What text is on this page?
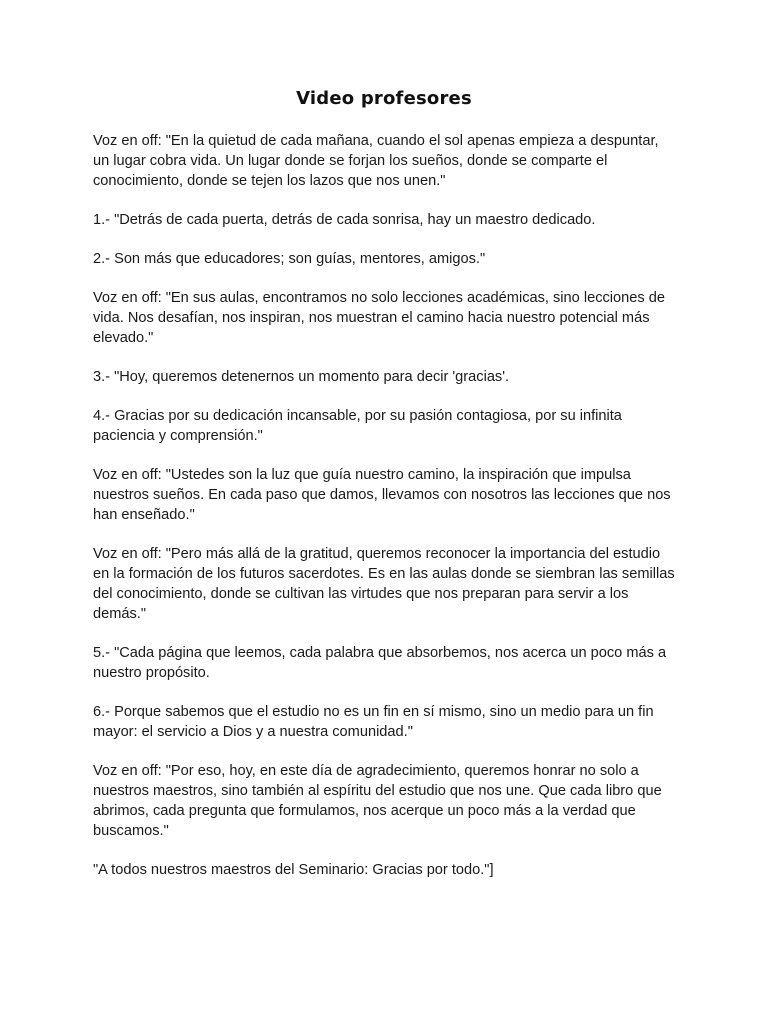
Video profesores

Voz en off: "En la quietud de cada mañana, cuando el sol apenas empieza a despuntar, un lugar cobra vida. Un lugar donde se forjan los sueños, donde se comparte el conocimiento, donde se tejen los lazos que nos unen."

1.- "Detrás de cada puerta, detrás de cada sonrisa, hay un maestro dedicado.

2.- Son más que educadores; son guías, mentores, amigos."

Voz en off: "En sus aulas, encontramos no solo lecciones académicas, sino lecciones de vida. Nos desafían, nos inspiran, nos muestran el camino hacia nuestro potencial más elevado."

3.- "Hoy, queremos detenernos un momento para decir 'gracias'.

4.- Gracias por su dedicación incansable, por su pasión contagiosa, por su infinita paciencia y comprensión."

Voz en off: "Ustedes son la luz que guía nuestro camino, la inspiración que impulsa nuestros sueños. En cada paso que damos, llevamos con nosotros las lecciones que nos han enseñado."

Voz en off: "Pero más allá de la gratitud, queremos reconocer la importancia del estudio en la formación de los futuros sacerdotes. Es en las aulas donde se siembran las semillas del conocimiento, donde se cultivan las virtudes que nos preparan para servir a los demás."

5.- "Cada página que leemos, cada palabra que absorbemos, nos acerca un poco más a nuestro propósito.

6.- Porque sabemos que el estudio no es un fin en sí mismo, sino un medio para un fin mayor: el servicio a Dios y a nuestra comunidad."

Voz en off: "Por eso, hoy, en este día de agradecimiento, queremos honrar no solo a nuestros maestros, sino también al espíritu del estudio que nos une. Que cada libro que abrimos, cada pregunta que formulamos, nos acerque un poco más a la verdad que buscamos."

"A todos nuestros maestros del Seminario: Gracias por todo."]
